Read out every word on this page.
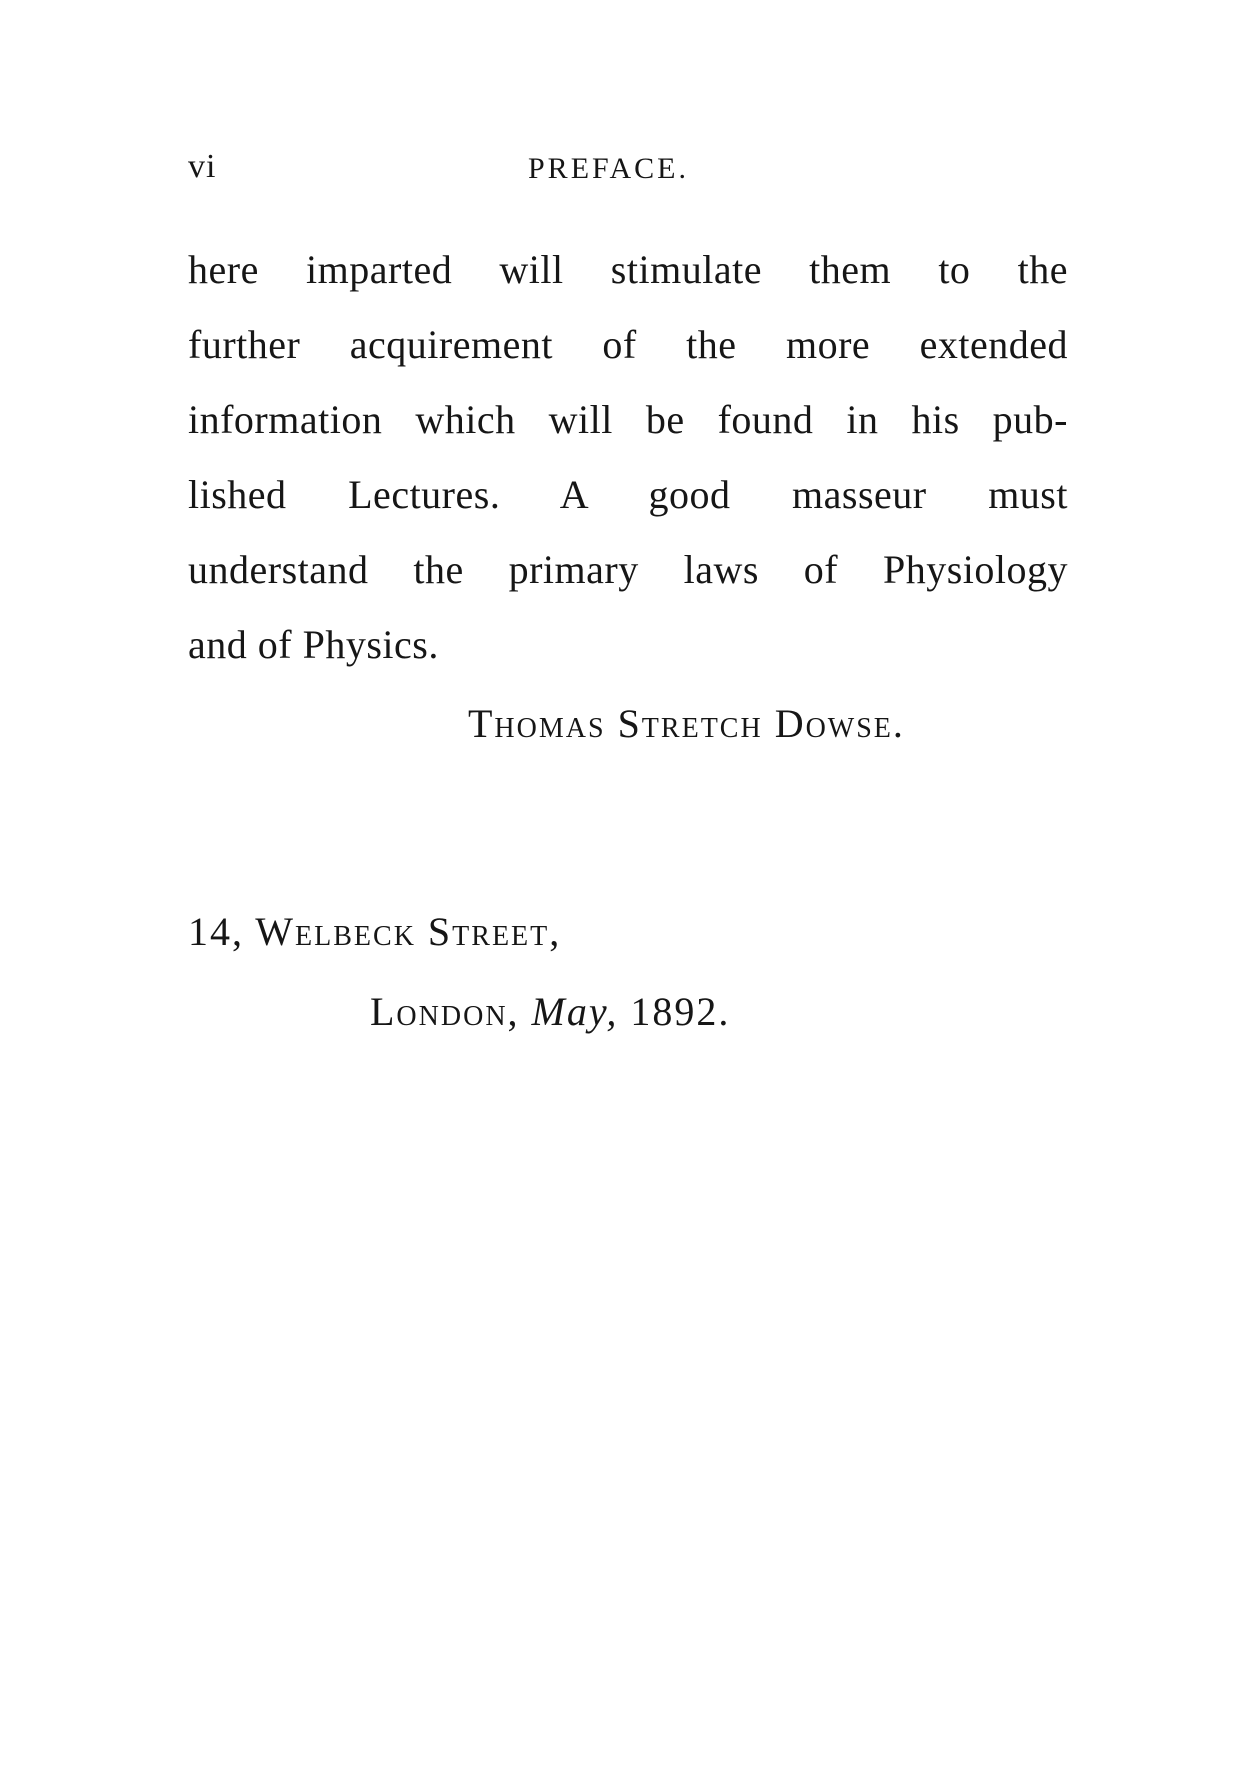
vi	PREFACE.
here imparted will stimulate them to the
further acquirement of the more extended
information which will be found in his pub-
lished Lectures. A good masseur must
understand the primary laws of Physiology
and of Physics.
Thomas Stretch Dowse.
14, Welbeck Street,
London, May, 1892.
